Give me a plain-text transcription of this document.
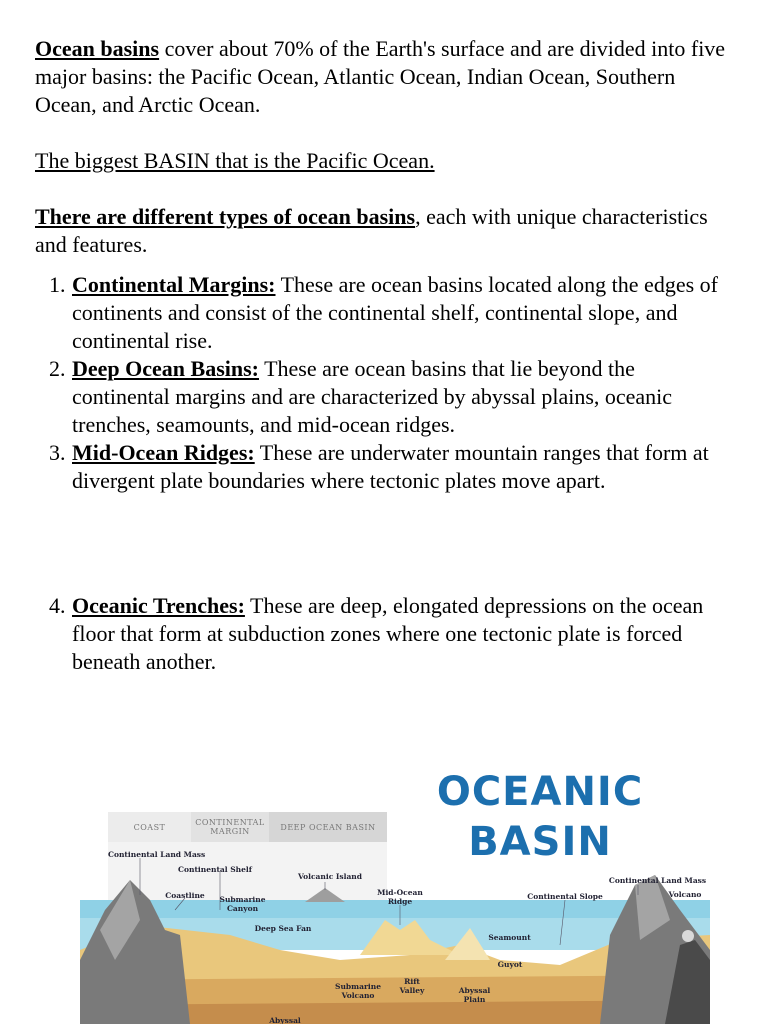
Ocean basins cover about 70% of the Earth's surface and are divided into five major basins: the Pacific Ocean, Atlantic Ocean, Indian Ocean, Southern Ocean, and Arctic Ocean.

The biggest BASIN that is the Pacific Ocean.

There are different types of ocean basins, each with unique characteristics and features.

1. Continental Margins: These are ocean basins located along the edges of continents and consist of the continental shelf, continental slope, and continental rise.
2. Deep Ocean Basins: These are ocean basins that lie beyond the continental margins and are characterized by abyssal plains, oceanic trenches, seamounts, and mid-ocean ridges.
3. Mid-Ocean Ridges: These are underwater mountain ranges that form at divergent plate boundaries where tectonic plates move apart.
4. Oceanic Trenches: These are deep, elongated depressions on the ocean floor that form at subduction zones where one tectonic plate is forced beneath another.
OCEANIC
BASIN
COAST
CONTINENTAL MARGIN	DEEP OCEAN BASIN
Continental Land Mass
Continental Shelf
Coastline	Submarine Canyon
Volcanic Island
Mid-Ocean Ridge
Continental Slope
Continental Land Mass
Volcano
Deep Sea Fan
Seamount
Guyot
Submarine Volcano
Rift Valley	Abyssal Plain
Abyssal
